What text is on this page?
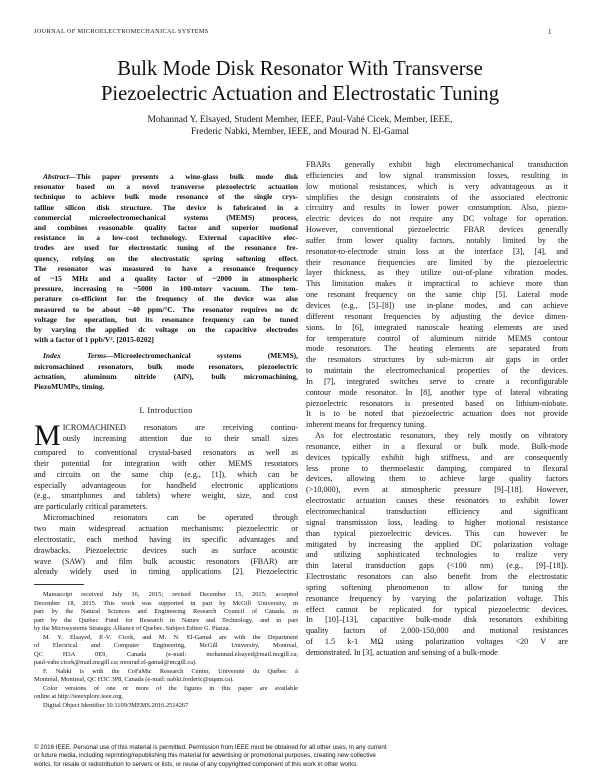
JOURNAL OF MICROELECTROMECHANICAL SYSTEMS	1
Bulk Mode Disk Resonator With Transverse
Piezoelectric Actuation and Electrostatic Tuning
Mohannad Y. Elsayed, Student Member, IEEE, Paul-Vahé Cicek, Member, IEEE,
Frederic Nabki, Member, IEEE, and Mourad N. El-Gamal
Abstract—This paper presents a wine-glass bulk mode disk
resonator based on a novel transverse piezoelectric actuation
technique to achieve bulk mode resonance of the single crys-
talline silicon disk structure. The device is fabricated in a
commercial microelectromechanical systems (MEMS) process,
and combines reasonable quality factor and superior motional
resistance in a low-cost technology. External capacitive elec-
trodes are used for electrostatic tuning of the resonance fre-
quency, relying on the electrostatic spring softening effect.
The resonator was measured to have a resonance frequency
of ~15 MHz and a quality factor of ~2000 in atmospheric
pressure, increasing to ~5000 in 100-mtorr vacuum. The tem-
perature co-efficient for the frequency of the device was also
measured to be about −40 ppm/°C. The resonator requires no dc
voltage for operation, but its resonance frequency can be tuned
by varying the applied dc voltage on the capacitive electrodes
with a factor of 1 ppb/V². [2015-0202]
Index Terms—Microelectromechanical systems (MEMS),
micromachined resonators, bulk mode resonators, piezoelectric
actuation, aluminum nitride (AlN), bulk micromachining,
PiezoMUMPs, timing.
I. Introduction
M ICROMACHINED resonators are receiving continu-
ously increasing attention due to their small sizes
compared to conventional crystal-based resonators as well as
their potential for integration with other MEMS resonators
and circuits on the same chip (e.g., [1]), which can be
especially advantageous for handheld electronic applications
(e.g., smartphones and tablets) where weight, size, and cost
are particularly critical parameters.
Micromachined resonators can be operated through
two main widespread actuation mechanisms: piezoelectric or
electrostatic, each method having its specific advantages and
drawbacks. Piezoelectric devices such as surface acoustic
wave (SAW) and film bulk acoustic resonators (FBAR) are
already widely used in timing applications [2]. Piezoelectric
Manuscript received July 16, 2015; revised December 15, 2015; accepted
December 18, 2015. This work was supported in part by McGill University, in
part by the Natural Sciences and Engineering Research Council of Canada, in
part by the Quebec Fund for Research in Nature and Technology, and in part
by the Microsystems Strategic Alliance of Quebec. Subject Editor G. Piazza.
M. Y. Elsayed, P.-V. Cicek, and M. N. El-Gamal are with the Department
of Electrical and Computer Engineering, McGill University, Montreal,
QC H3A 0E9, Canada (e-mail: mohannad.elsayed@mail.mcgill.ca;
paul-vahe.cicek@mail.mcgill.ca; mourad.el-gamal@mcgill.ca).
F. Nabki is with the CoFaMic Research Center, Université du Québec à
Montréal, Montreal, QC H3C 3P8, Canada (e-mail: nabki.frederic@uqam.ca).
Color versions of one or more of the figures in this paper are available
online at http://ieeexplore.ieee.org.
Digital Object Identifier 10.1109/JMEMS.2016.2514267
FBARs generally exhibit high electromechanical transduction
efficiencies and low signal transmission losses, resulting in
low motional resistances, which is very advantageous as it
simplifies the design constraints of the associated electronic
circuitry and results in lower power consumption. Also, piezo-
electric devices do not require any DC voltage for operation.
However, conventional piezoelectric FBAR devices generally
suffer from lower quality factors, notably limited by the
resonator-to-electrode strain loss at the interface [3], [4], and
their resonance frequencies are limited by the piezoelectric
layer thickness, as they utilize out-of-plane vibration modes.
This limitation makes it impractical to achieve more than
one resonant frequency on the same chip [5]. Lateral mode
devices (e.g., [5]–[8]) use in-plane modes, and can achieve
different resonant frequencies by adjusting the device dimen-
sions. In [6], integrated nanoscale heating elements are used
for temperature control of aluminum nitride MEMS contour
mode resonators. The heating elements are separated from
the resonators structures by sub-micron air gaps in order
to maintain the electromechanical properties of the devices.
In [7], integrated switches serve to create a reconfigurable
contour mode resonator. In [8], another type of lateral vibrating
piezoelectric resonators is presented based on lithium-niobate.
It is to be noted that piezoelectric actuation does not provide
inherent means for frequency tuning.
As for electrostatic resonators, they rely mostly on vibratory
resonance, either in a flexural or bulk mode. Bulk-mode
devices typically exhibit high stiffness, and are consequently
less prone to thermoelastic damping, compared to flexural
devices, allowing them to achieve large quality factors
(>10,000), even at atmospheric pressure [9]–[18]. However,
electrostatic actuation causes these resonators to exhibit lower
electromechanical transduction efficiency and significant
signal transmission loss, leading to higher motional resistance
than typical piezoelectric devices. This can however be
mitigated by increasing the applied DC polarization voltage
and utilizing sophisticated technologies to realize very
thin lateral transduction gaps (<100 nm) (e.g., [9]–[18]).
Electrostatic resonators can also benefit from the electrostatic
spring softening phenomenon to allow for tuning the
resonance frequency by varying the polarization voltage. This
effect cannot be replicated for typical piezoelectric devices.
In [10]–[13], capacitive bulk-mode disk resonators exhibiting
quality factors of 2,000-150,000 and motional resistances
of 1.5 k-1 MΩ using polarization voltages <20 V are
demonstrated. In [3], actuation and sensing of a bulk-mode
© 2016 IEEE. Personal use of this material is permitted. Permission from IEEE must be obtained for all other uses, in any current
or future media, including reprinting/republishing this material for advertising or promotional purposes, creating new collective
works, for resale or redistribution to servers or lists, or reuse of any copyrighted component of this work in other works.
